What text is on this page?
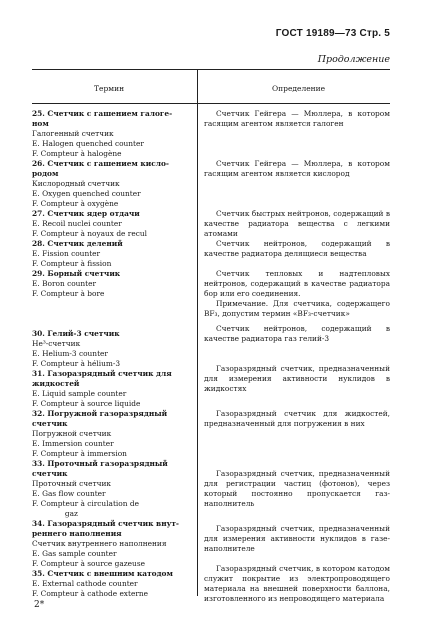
ГОСТ 19189—73 Стр. 5
Продолжение
Термин	Определение
25. Счетчик с гашением галоге-
ном
Галогенный счетчик
E. Halogen quenched counter
F. Compteur à halogène
26. Счетчик с гашением кисло-
родом
Кислородный счетчик
E. Oxygen quenched counter
F. Compteur à oxygène
27. Счетчик ядер отдачи
E. Recoil nuclei counter
F. Compteur à noyaux de recul
28. Счетчик делений
E. Fission counter
F. Compteur à fission
29. Борный счетчик
E. Boron counter
F. Compteur à bore
30. Гелий-3 счетчик
He³-счетчик
E. Helium-3 counter
F. Compteur à hélium-3
31. Газоразрядный счетчик для
жидкостей
E. Liquid sample counter
F. Compteur à source liquide
32. Погружной газоразрядный
счетчик
Погружной счетчик
E. Immersion counter
F. Compteur à immersion
33. Проточный газоразрядный
счетчик
Проточный счетчик
E. Gas flow counter
F. Compteur à circulation de
gaz
34. Газоразрядный счетчик внут-
реннего наполнения
Счетчик внутреннего наполнения
E. Gas sample counter
F. Compteur à source gazeuse
35. Счетчик с внешним катодом
E. External cathode counter
F. Compteur à cathode externe
Счетчик Гейгера — Мюллера, в котором гасящим агентом является галоген
Счетчик Гейгера — Мюллера, в котором гасящим агентом является кислород
Счетчик быстрых нейтронов, содержащий в качестве радиатора вещества с легкими атомами
Счетчик нейтронов, содержащий в качестве радиатора делящиеся вещества
Счетчик тепловых и надтепловых нейтронов, содержащий в качестве радиатора бор или его соединения.
Примечание. Для счетчика, содержащего BF₃, допустим термин «BF₃-счетчик»
Счетчик нейтронов, содержащий в качестве радиатора газ гелий-3
Газоразрядный счетчик, предназначенный для измерения активности нуклидов в жидкостях
Газоразрядный счетчик для жидкостей, предназначенный для погружения в них
Газоразрядный счетчик, предназначенный для регистрации частиц (фотонов), через который постоянно пропускается газ-наполнитель
Газоразрядный счетчик, предназначенный для измерения активности нуклидов в газе-наполнителе
Газоразрядный счетчик, в котором катодом служит покрытие из электропроводящего материала на внешней поверхности баллона, изготовленного из непроводящего материала
2*
